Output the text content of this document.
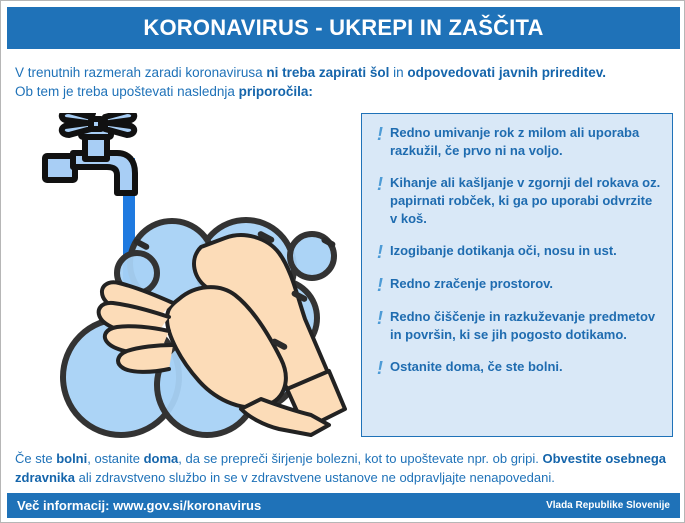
KORONAVIRUS - UKREPI IN ZAŠČITA
V trenutnih razmerah zaradi koronavirusa ni treba zapirati šol in odpovedovati javnih prireditev.
Ob tem je treba upoštevati naslednja priporočila:
! Redno umivanje rok z milom ali uporaba razkužil, če prvo ni na voljo.
! Kihanje ali kašljanje v zgornji del rokava oz. papirnati robček, ki ga po uporabi odvrzite v koš.
! Izogibanje dotikanja oči, nosu in ust.
! Redno zračenje prostorov.
! Redno čiščenje in razkuževanje predmetov in površin, ki se jih pogosto dotikamo.
! Ostanite doma, če ste bolni.
Če ste bolni, ostanite doma, da se prepreči širjenje bolezni, kot to upoštevate npr. ob gripi. Obvestite osebnega zdravnika ali zdravstveno službo in se v zdravstvene ustanove ne odpravljajte nenapovedani.
Več informacij: www.gov.si/koronavirus	Vlada Republike Slovenije
